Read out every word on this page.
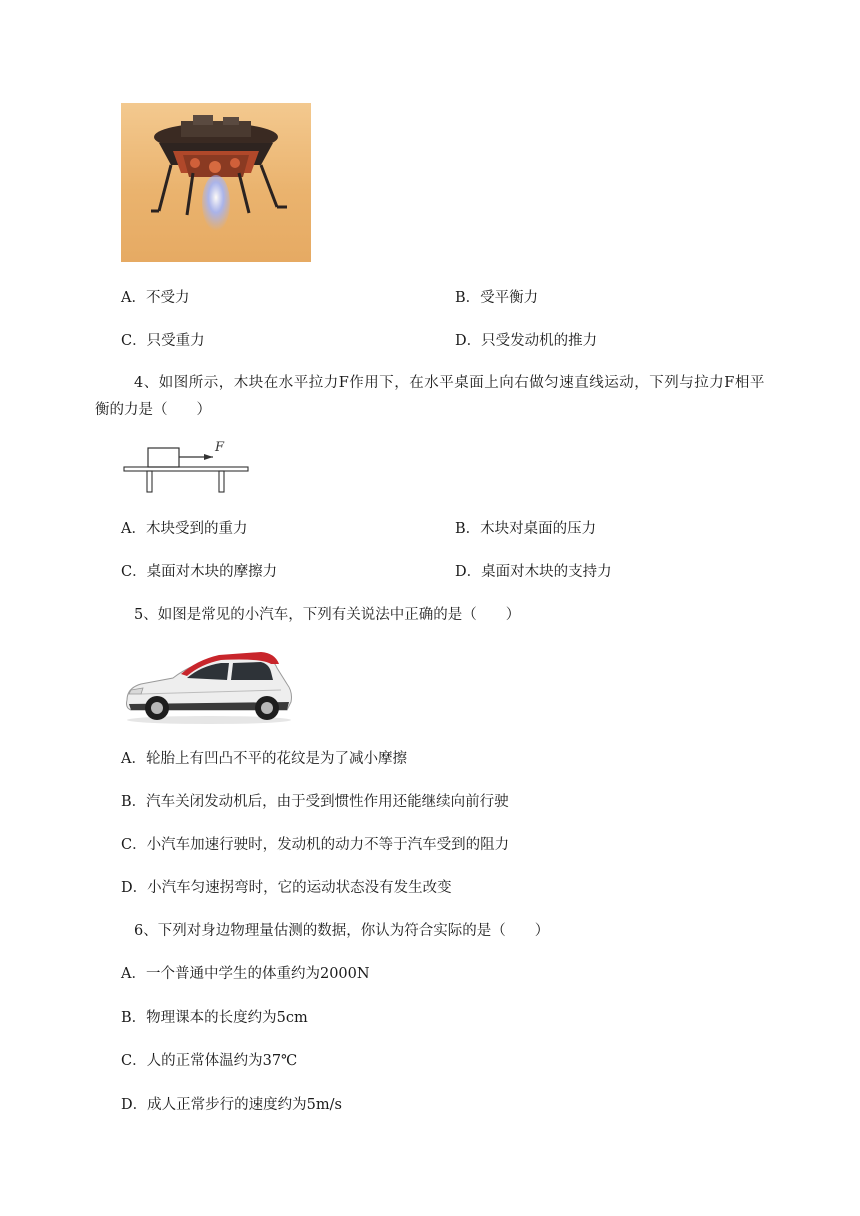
A．不受力	B．受平衡力
C．只受重力	D．只受发动机的推力
4、如图所示，木块在水平拉力F作用下，在水平桌面上向右做匀速直线运动，下列与拉力F相平
衡的力是（　　）
F
A．木块受到的重力	B．木块对桌面的压力
C．桌面对木块的摩擦力	D．桌面对木块的支持力
5、如图是常见的小汽车，下列有关说法中正确的是（　　）
A．轮胎上有凹凸不平的花纹是为了减小摩擦
B．汽车关闭发动机后，由于受到惯性作用还能继续向前行驶
C．小汽车加速行驶时，发动机的动力不等于汽车受到的阻力
D．小汽车匀速拐弯时，它的运动状态没有发生改变
6、下列对身边物理量估测的数据，你认为符合实际的是（　　）
A．一个普通中学生的体重约为2000N
B．物理课本的长度约为5cm
C．人的正常体温约为37℃
D．成人正常步行的速度约为5m/s
